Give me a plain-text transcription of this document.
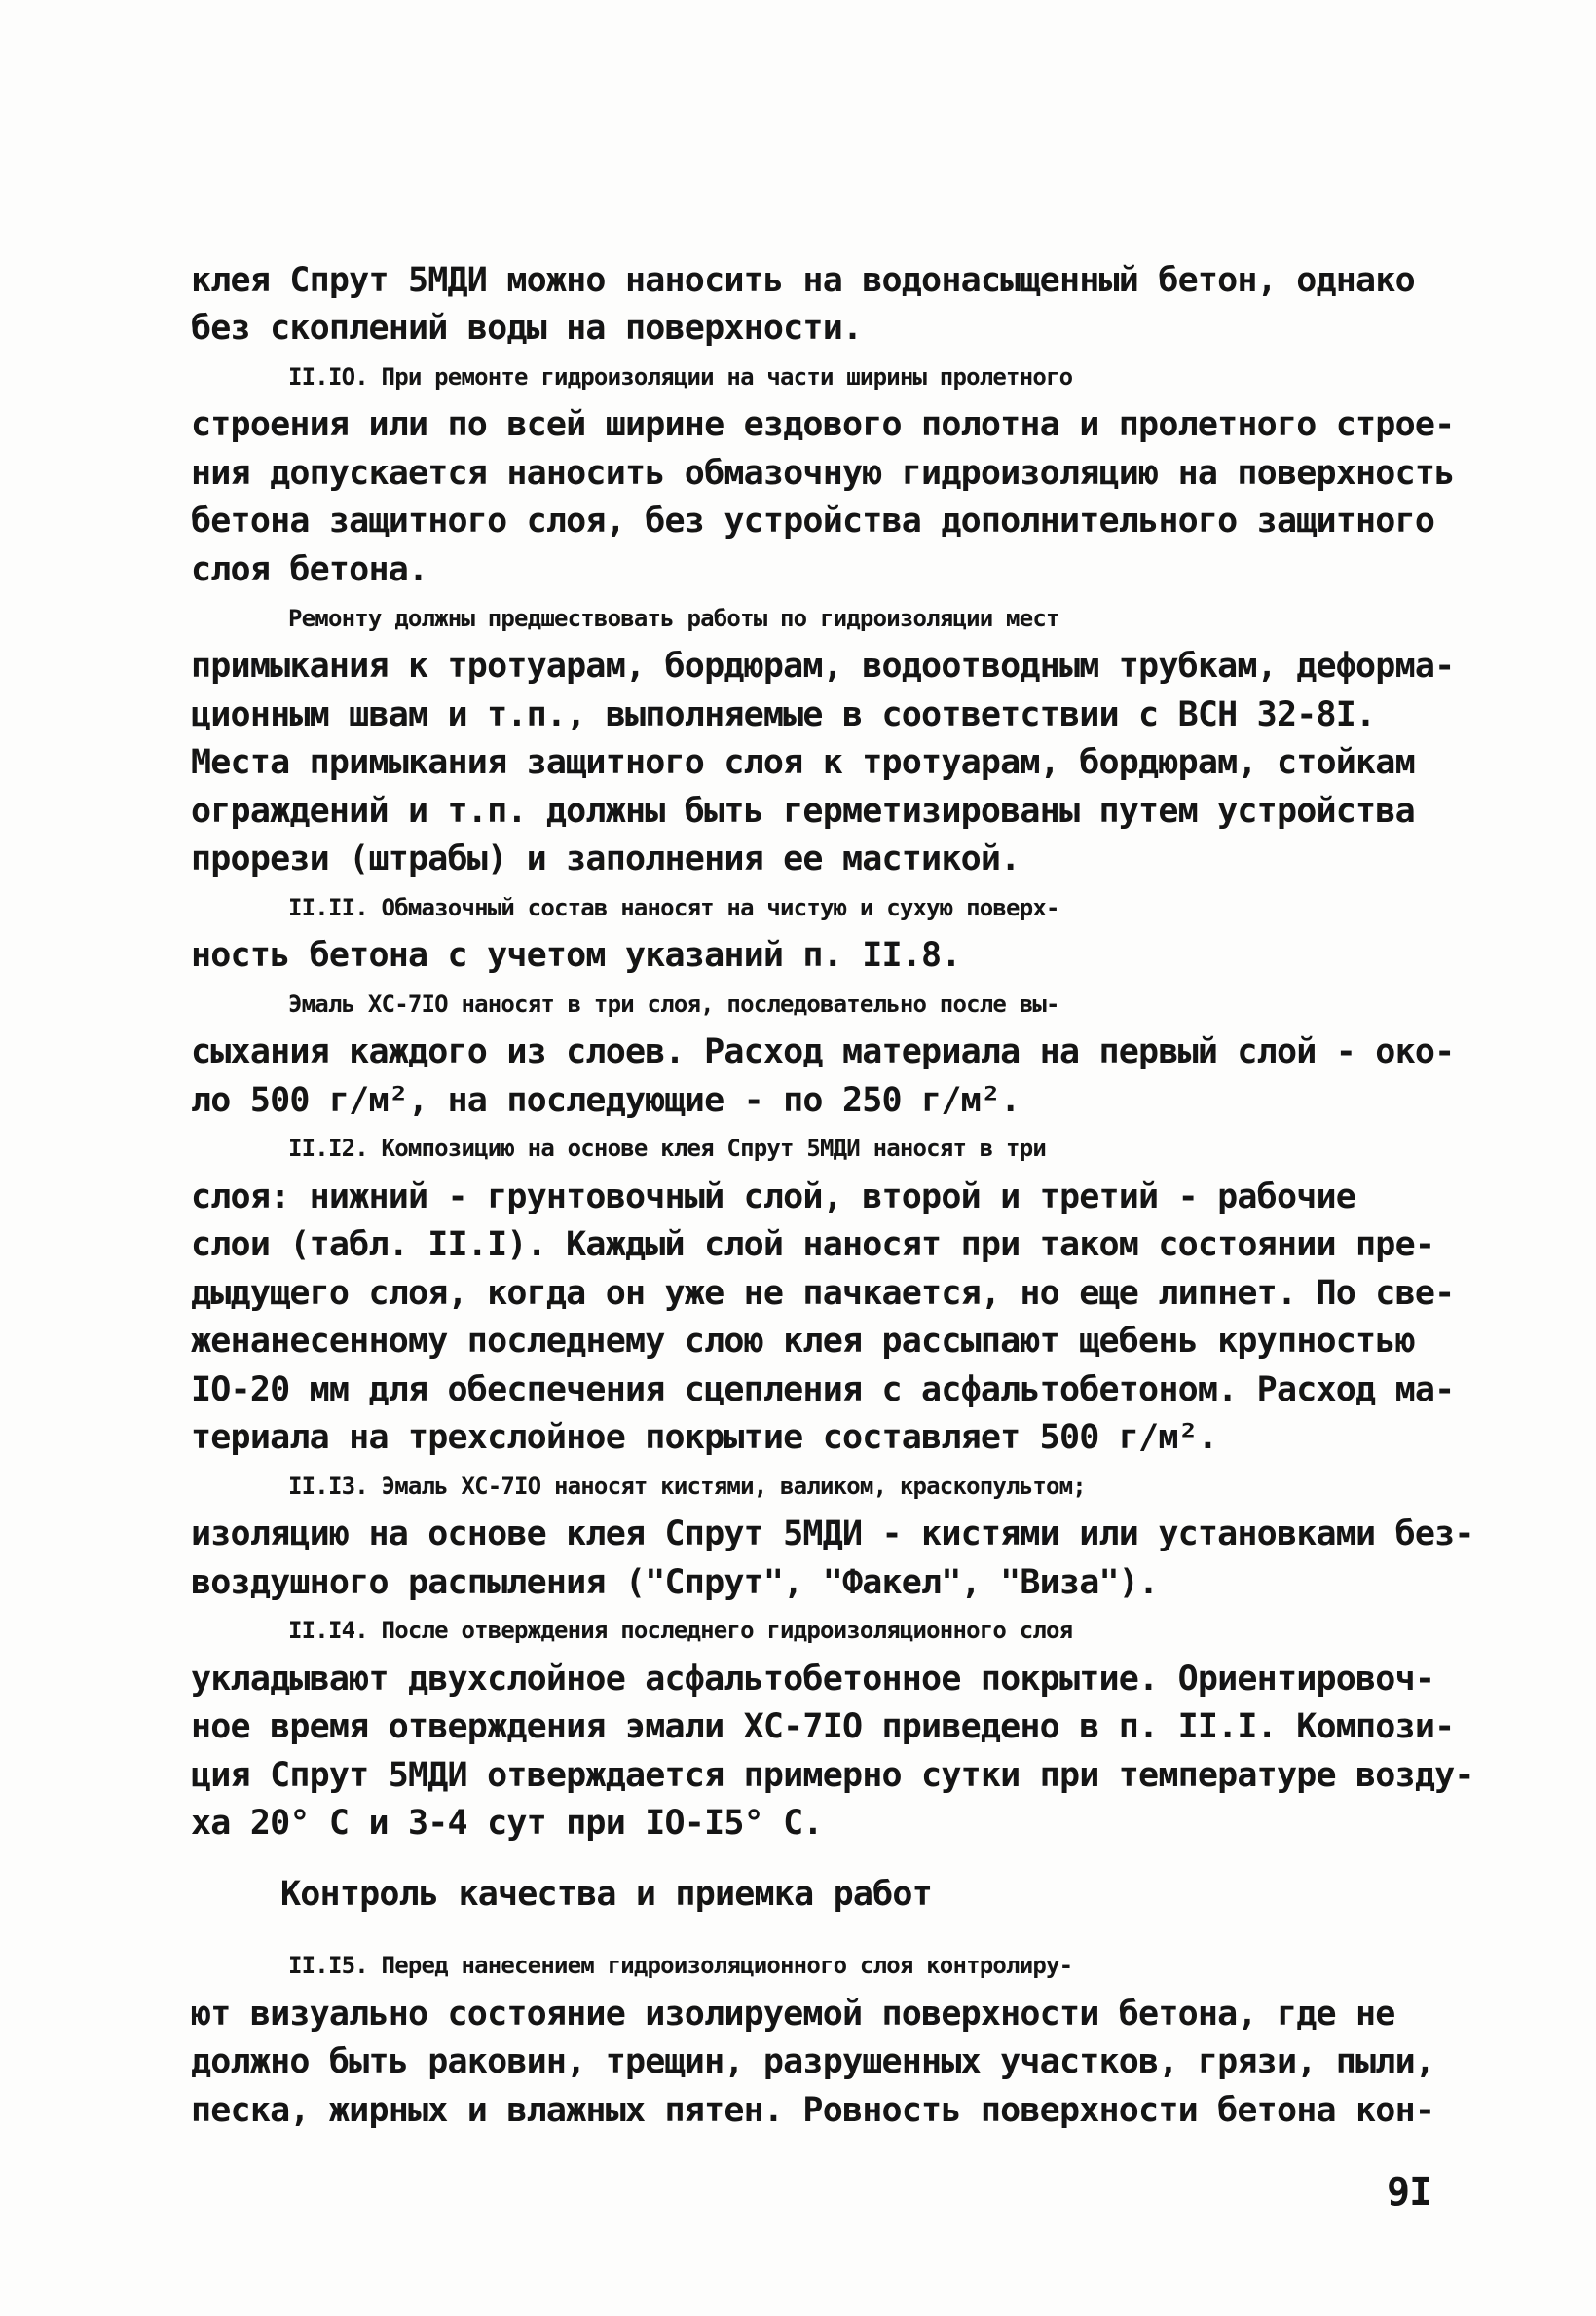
клея Спрут 5МДИ можно наносить на водонасыщенный бетон, однако
без скоплений воды на поверхности.
II.IO. При ремонте гидроизоляции на части ширины пролетного
строения или по всей ширине ездового полотна и пролетного строе-
ния допускается наносить обмазочную гидроизоляцию на поверхность
бетона защитного слоя, без устройства дополнительного защитного
слоя бетона.
Ремонту должны предшествовать работы по гидроизоляции мест
примыкания к тротуарам, бордюрам, водоотводным трубкам, деформа-
ционным швам и т.п., выполняемые в соответствии с ВСН 32-8I.
Места примыкания защитного слоя к тротуарам, бордюрам, стойкам
ограждений и т.п. должны быть герметизированы путем устройства
прорези (штрабы) и заполнения ее мастикой.
II.II. Обмазочный состав наносят на чистую и сухую поверх-
ность бетона с учетом указаний п. II.8.
Эмаль ХС-7IO наносят в три слоя, последовательно после вы-
сыхания каждого из слоев. Расход материала на первый слой - око-
ло 500 г/м², на последующие - по 250 г/м².
II.I2. Композицию на основе клея Спрут 5МДИ наносят в три
слоя: нижний - грунтовочный слой, второй и третий - рабочие
слои (табл. II.I). Каждый слой наносят при таком состоянии пре-
дыдущего слоя, когда он уже не пачкается, но еще липнет. По све-
женанесенному последнему слою клея рассыпают щебень крупностью
IO-20 мм для обеспечения сцепления с асфальтобетоном. Расход ма-
териала на трехслойное покрытие составляет 500 г/м².
II.I3. Эмаль ХС-7IO наносят кистями, валиком, краскопультом;
изоляцию на основе клея Спрут 5МДИ - кистями или установками без-
воздушного распыления ("Спрут", "Факел", "Виза").
II.I4. После отверждения последнего гидроизоляционного слоя
укладывают двухслойное асфальтобетонное покрытие. Ориентировоч-
ное время отверждения эмали ХС-7IO приведено в п. II.I. Компози-
ция Спрут 5МДИ отверждается примерно сутки при температуре возду-
ха 20° С и 3-4 сут при IO-I5° С.
Контроль качества и приемка работ
II.I5. Перед нанесением гидроизоляционного слоя контролиру-
ют визуально состояние изолируемой поверхности бетона, где не
должно быть раковин, трещин, разрушенных участков, грязи, пыли,
песка, жирных и влажных пятен. Ровность поверхности бетона кон-
9I
